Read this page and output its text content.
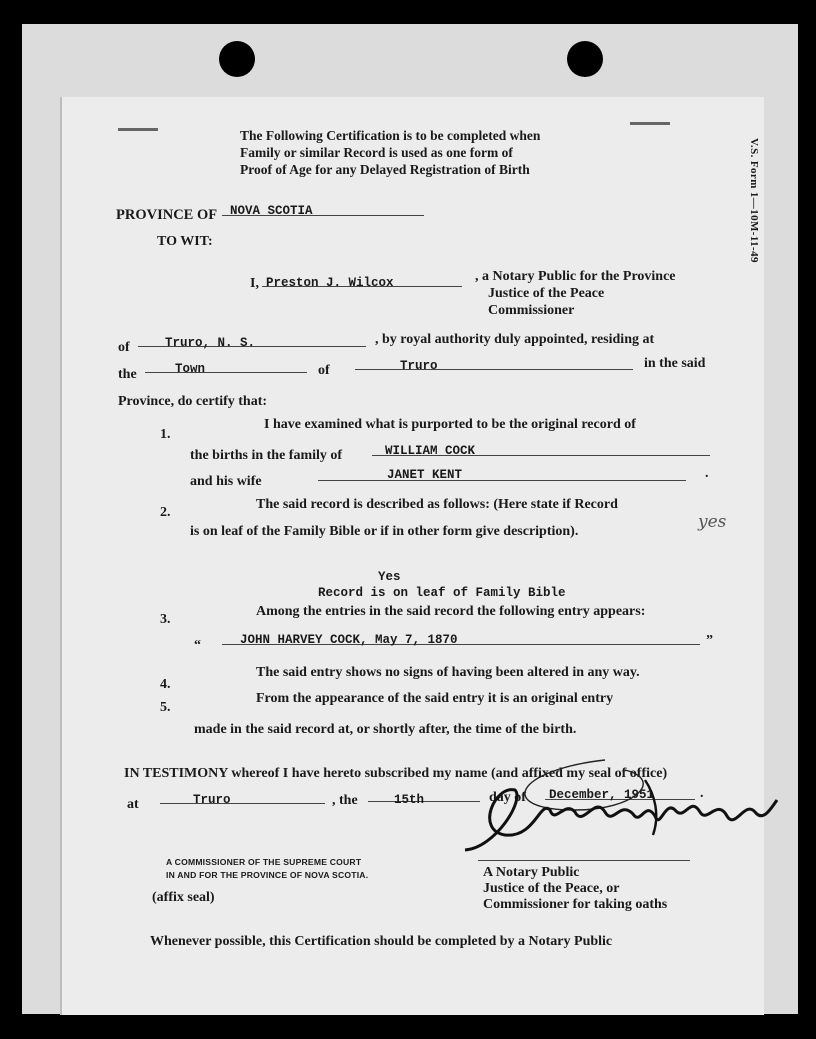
V.S. Form 1—10M-11-49
The Following Certification is to be completed when
Family or similar Record is used as one form of
Proof of Age for any Delayed Registration of Birth
PROVINCE OF NOVA SCOTIA
TO WIT:
I, Preston J. Wilcox	, a Notary Public for the Province
Justice of the Peace
Commissioner
of	Truro, N. S.	, by royal authority duly appointed, residing at
the	Town	of	Truro	in the said
Province, do certify that:
1.
I have examined what is purported to be the original record of
the births in the family of	WILLIAM COCK
and his wife	JANET KENT	.
2.
The said record is described as follows: (Here state if Record
is on leaf of the Family Bible or if in other form give description).	yes
Yes
Record is on leaf of Family Bible
3.
Among the entries in the said record the following entry appears:
“	JOHN HARVEY COCK, May 7, 1870	”
4.
The said entry shows no signs of having been altered in any way.
5.
From the appearance of the said entry it is an original entry
made in the said record at, or shortly after, the time of the birth.
IN TESTIMONY whereof I have hereto subscribed my name (and affixed my seal of office)
at	Truro	, the	15th	day of December, 1951	.
A Notary Public
Justice of the Peace, or
Commissioner for taking oaths
A COMMISSIONER OF THE SUPREME COURT
IN AND FOR THE PROVINCE OF NOVA SCOTIA.
(affix seal)
Whenever possible, this Certification should be completed by a Notary Public
